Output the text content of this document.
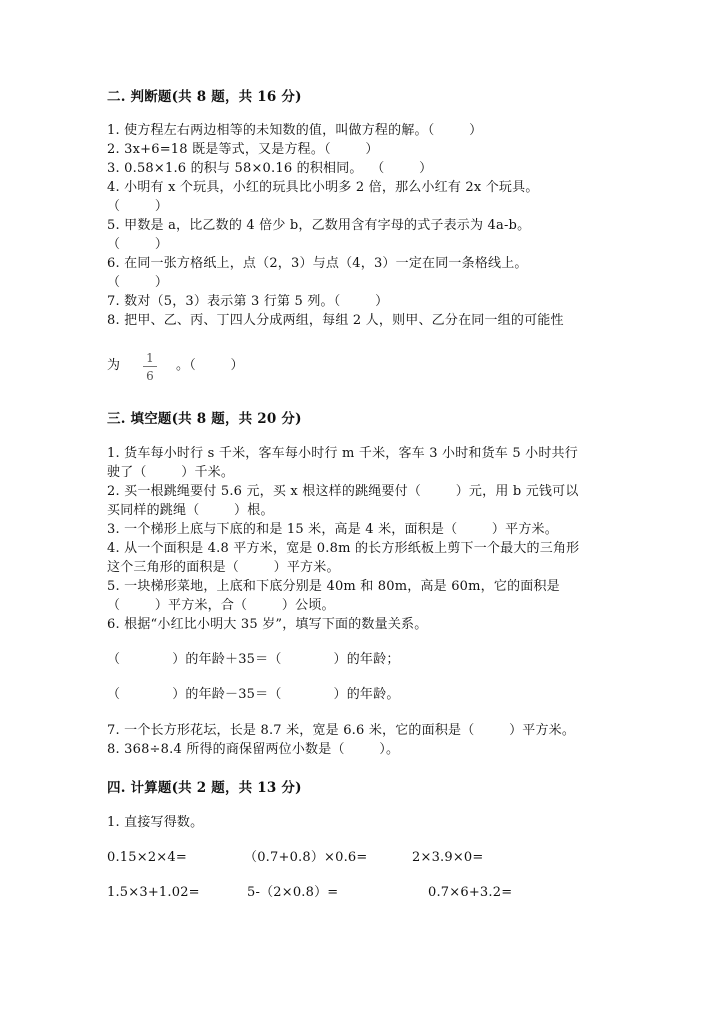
二. 判断题(共 8 题，共 16 分)
1. 使方程左右两边相等的未知数的值，叫做方程的解。（        ）
2. 3x+6=18 既是等式，又是方程。（        ）
3. 0.58×1.6 的积与 58×0.16 的积相同。  （        ）
4. 小明有 x 个玩具，小红的玩具比小明多 2 倍，那么小红有 2x 个玩具。
（        ）
5. 甲数是 a，比乙数的 4 倍少 b，乙数用含有字母的式子表示为 4a-b。
（        ）
6. 在同一张方格纸上，点（2，3）与点（4，3）一定在同一条格线上。
（        ）
7. 数对（5，3）表示第 3 行第 5 列。（        ）
8. 把甲、乙、丙、丁四人分成两组，每组 2 人，则甲、乙分在同一组的可能性
为 1
6
。（        ）
三. 填空题(共 8 题，共 20 分)
1. 货车每小时行 s 千米，客车每小时行 m 千米，客车 3 小时和货车 5 小时共行
驶了（        ）千米。
2. 买一根跳绳要付 5.6 元，买 x 根这样的跳绳要付（        ）元，用 b 元钱可以
买同样的跳绳（        ）根。
3. 一个梯形上底与下底的和是 15 米，高是 4 米，面积是（        ）平方米。
4. 从一个面积是 4.8 平方米，宽是 0.8m 的长方形纸板上剪下一个最大的三角形
这个三角形的面积是（        ）平方米。
5. 一块梯形菜地，上底和下底分别是 40m 和 80m，高是 60m，它的面积是
（        ）平方米，合（        ）公顷。
6. 根据“小红比小明大 35 岁”，填写下面的数量关系。
（            ）的年龄＋35＝（            ）的年龄；
（            ）的年龄－35＝（            ）的年龄。
7. 一个长方形花坛，长是 8.7 米，宽是 6.6 米，它的面积是（        ）平方米。
8. 368÷8.4 所得的商保留两位小数是（        ）。
四. 计算题(共 2 题，共 13 分)
1. 直接写得数。
0.15×2×4=	（0.7+0.8）×0.6=	2×3.9×0=
1.5×3+1.02=	5-（2×0.8）=	0.7×6+3.2=
